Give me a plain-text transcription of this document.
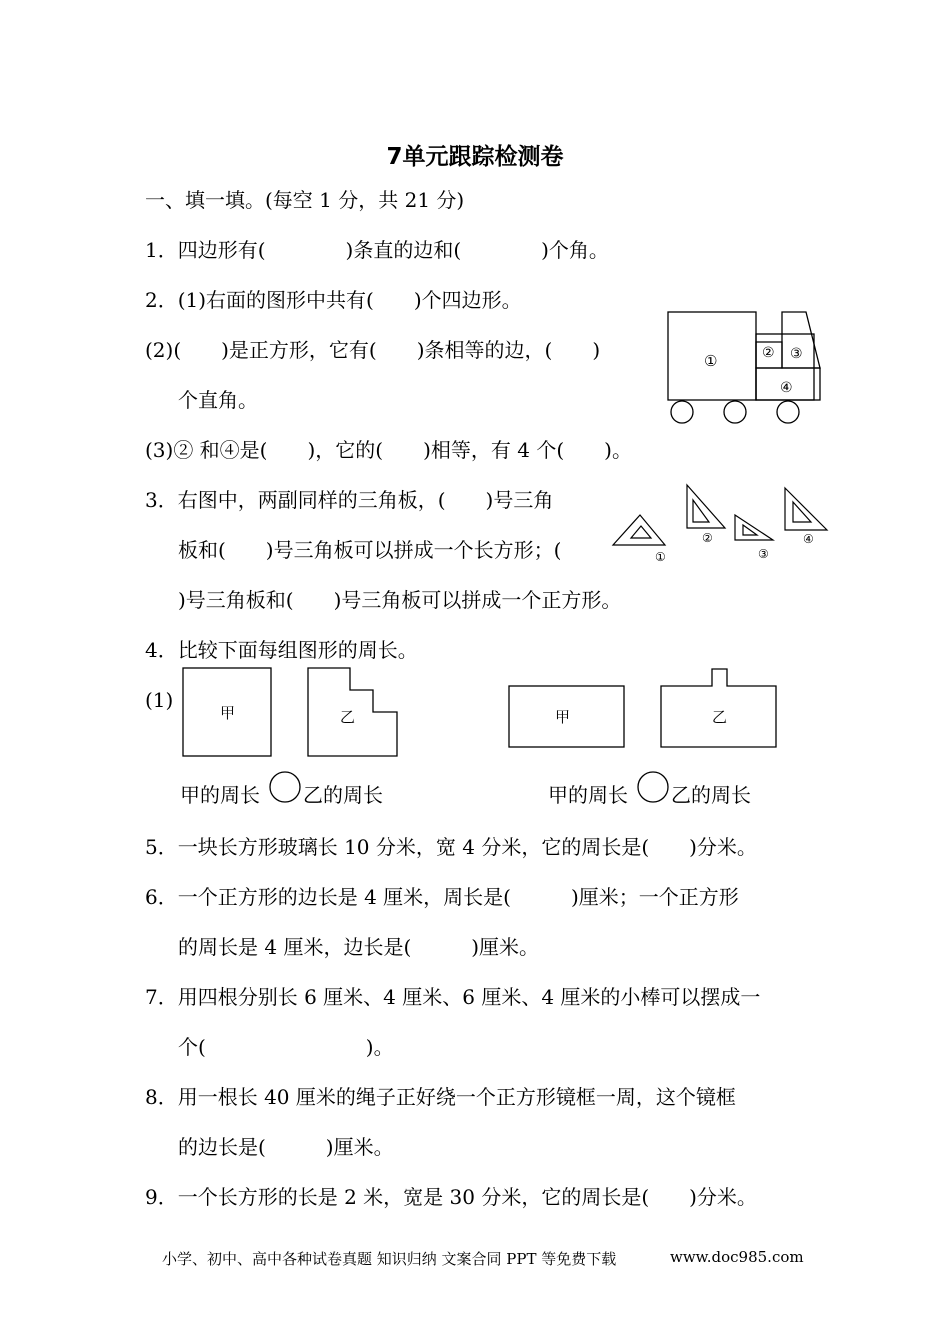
7单元跟踪检测卷
一、填一填。(每空 1 分，共 21 分)
1．四边形有(　　　　)条直的边和(　　　　)个角。
2．(1)右面的图形中共有(　　)个四边形。
(2)(　　)是正方形，它有(　　)条相等的边，(　　)
个直角。
(3)② 和④是(　　)，它的(　　)相等，有 4 个(　　)。
3．右图中，两副同样的三角板，(　　)号三角
板和(　　)号三角板可以拼成一个长方形；(
)号三角板和(　　)号三角板可以拼成一个正方形。
4．比较下面每组图形的周长。
(1)
①	② ③
④
①
②
③
④
甲	乙	甲	乙
甲的周长 乙的周长	甲的周长 乙的周长
5．一块长方形玻璃长 10 分米，宽 4 分米，它的周长是(　　)分米。
6．一个正方形的边长是 4 厘米，周长是(　　　)厘米；一个正方形
的周长是 4 厘米，边长是(　　　)厘米。
7．用四根分别长 6 厘米、4 厘米、6 厘米、4 厘米的小棒可以摆成一
个(　　　　　　　　)。
8．用一根长 40 厘米的绳子正好绕一个正方形镜框一周，这个镜框
的边长是(　　　)厘米。
9．一个长方形的长是 2 米，宽是 30 分米，它的周长是(　　)分米。
小学、初中、高中各种试卷真题 知识归纳 文案合同 PPT 等免费下载	www.doc985.com
